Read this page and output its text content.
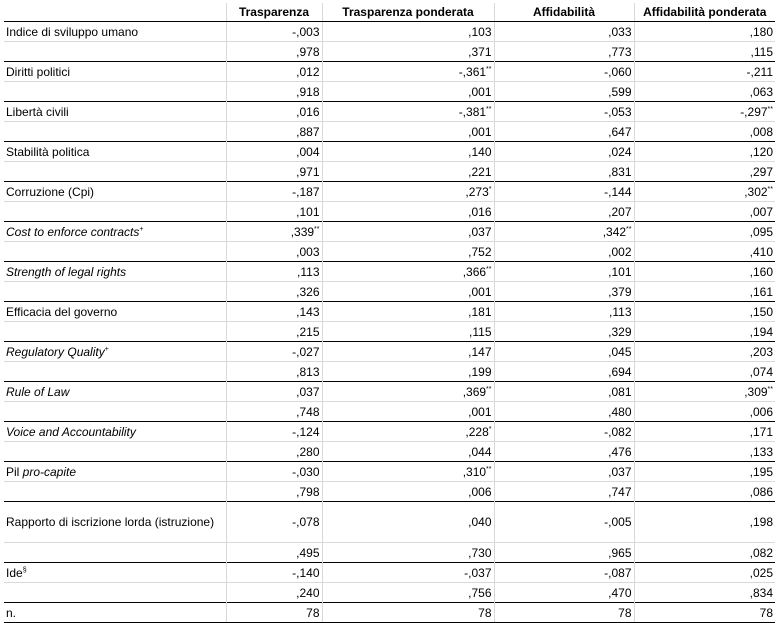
	Trasparenza	Trasparenza ponderata	Affidabilità	Affidabilità ponderata
Indice di sviluppo umano	-,003	,103	,033	,180
	,978	,371	,773	,115
Diritti politici	,012	-,361**	-,060	-,211
	,918	,001	,599	,063
Libertà civili	,016	-,381**	-,053	-,297**
	,887	,001	,647	,008
Stabilità politica	,004	,140	,024	,120
	,971	,221	,831	,297
Corruzione (Cpi)	-,187	,273*	-,144	,302**
	,101	,016	,207	,007
Cost to enforce contracts+	,339**	,037	,342**	,095
	,003	,752	,002	,410
Strength of legal rights	,113	,366**	,101	,160
	,326	,001	,379	,161
Efficacia del governo	,143	,181	,113	,150
	,215	,115	,329	,194
Regulatory Quality+	-,027	,147	,045	,203
	,813	,199	,694	,074
Rule of Law	,037	,369**	,081	,309**
	,748	,001	,480	,006
Voice and Accountability	-,124	,228*	-,082	,171
	,280	,044	,476	,133
Pil pro-capite	-,030	,310**	,037	,195
	,798	,006	,747	,086
Rapporto di iscrizione lorda (istruzione)	-,078	,040	-,005	,198
	,495	,730	,965	,082
Ide§	-,140	-,037	-,087	,025
	,240	,756	,470	,834
n.	78	78	78	78
